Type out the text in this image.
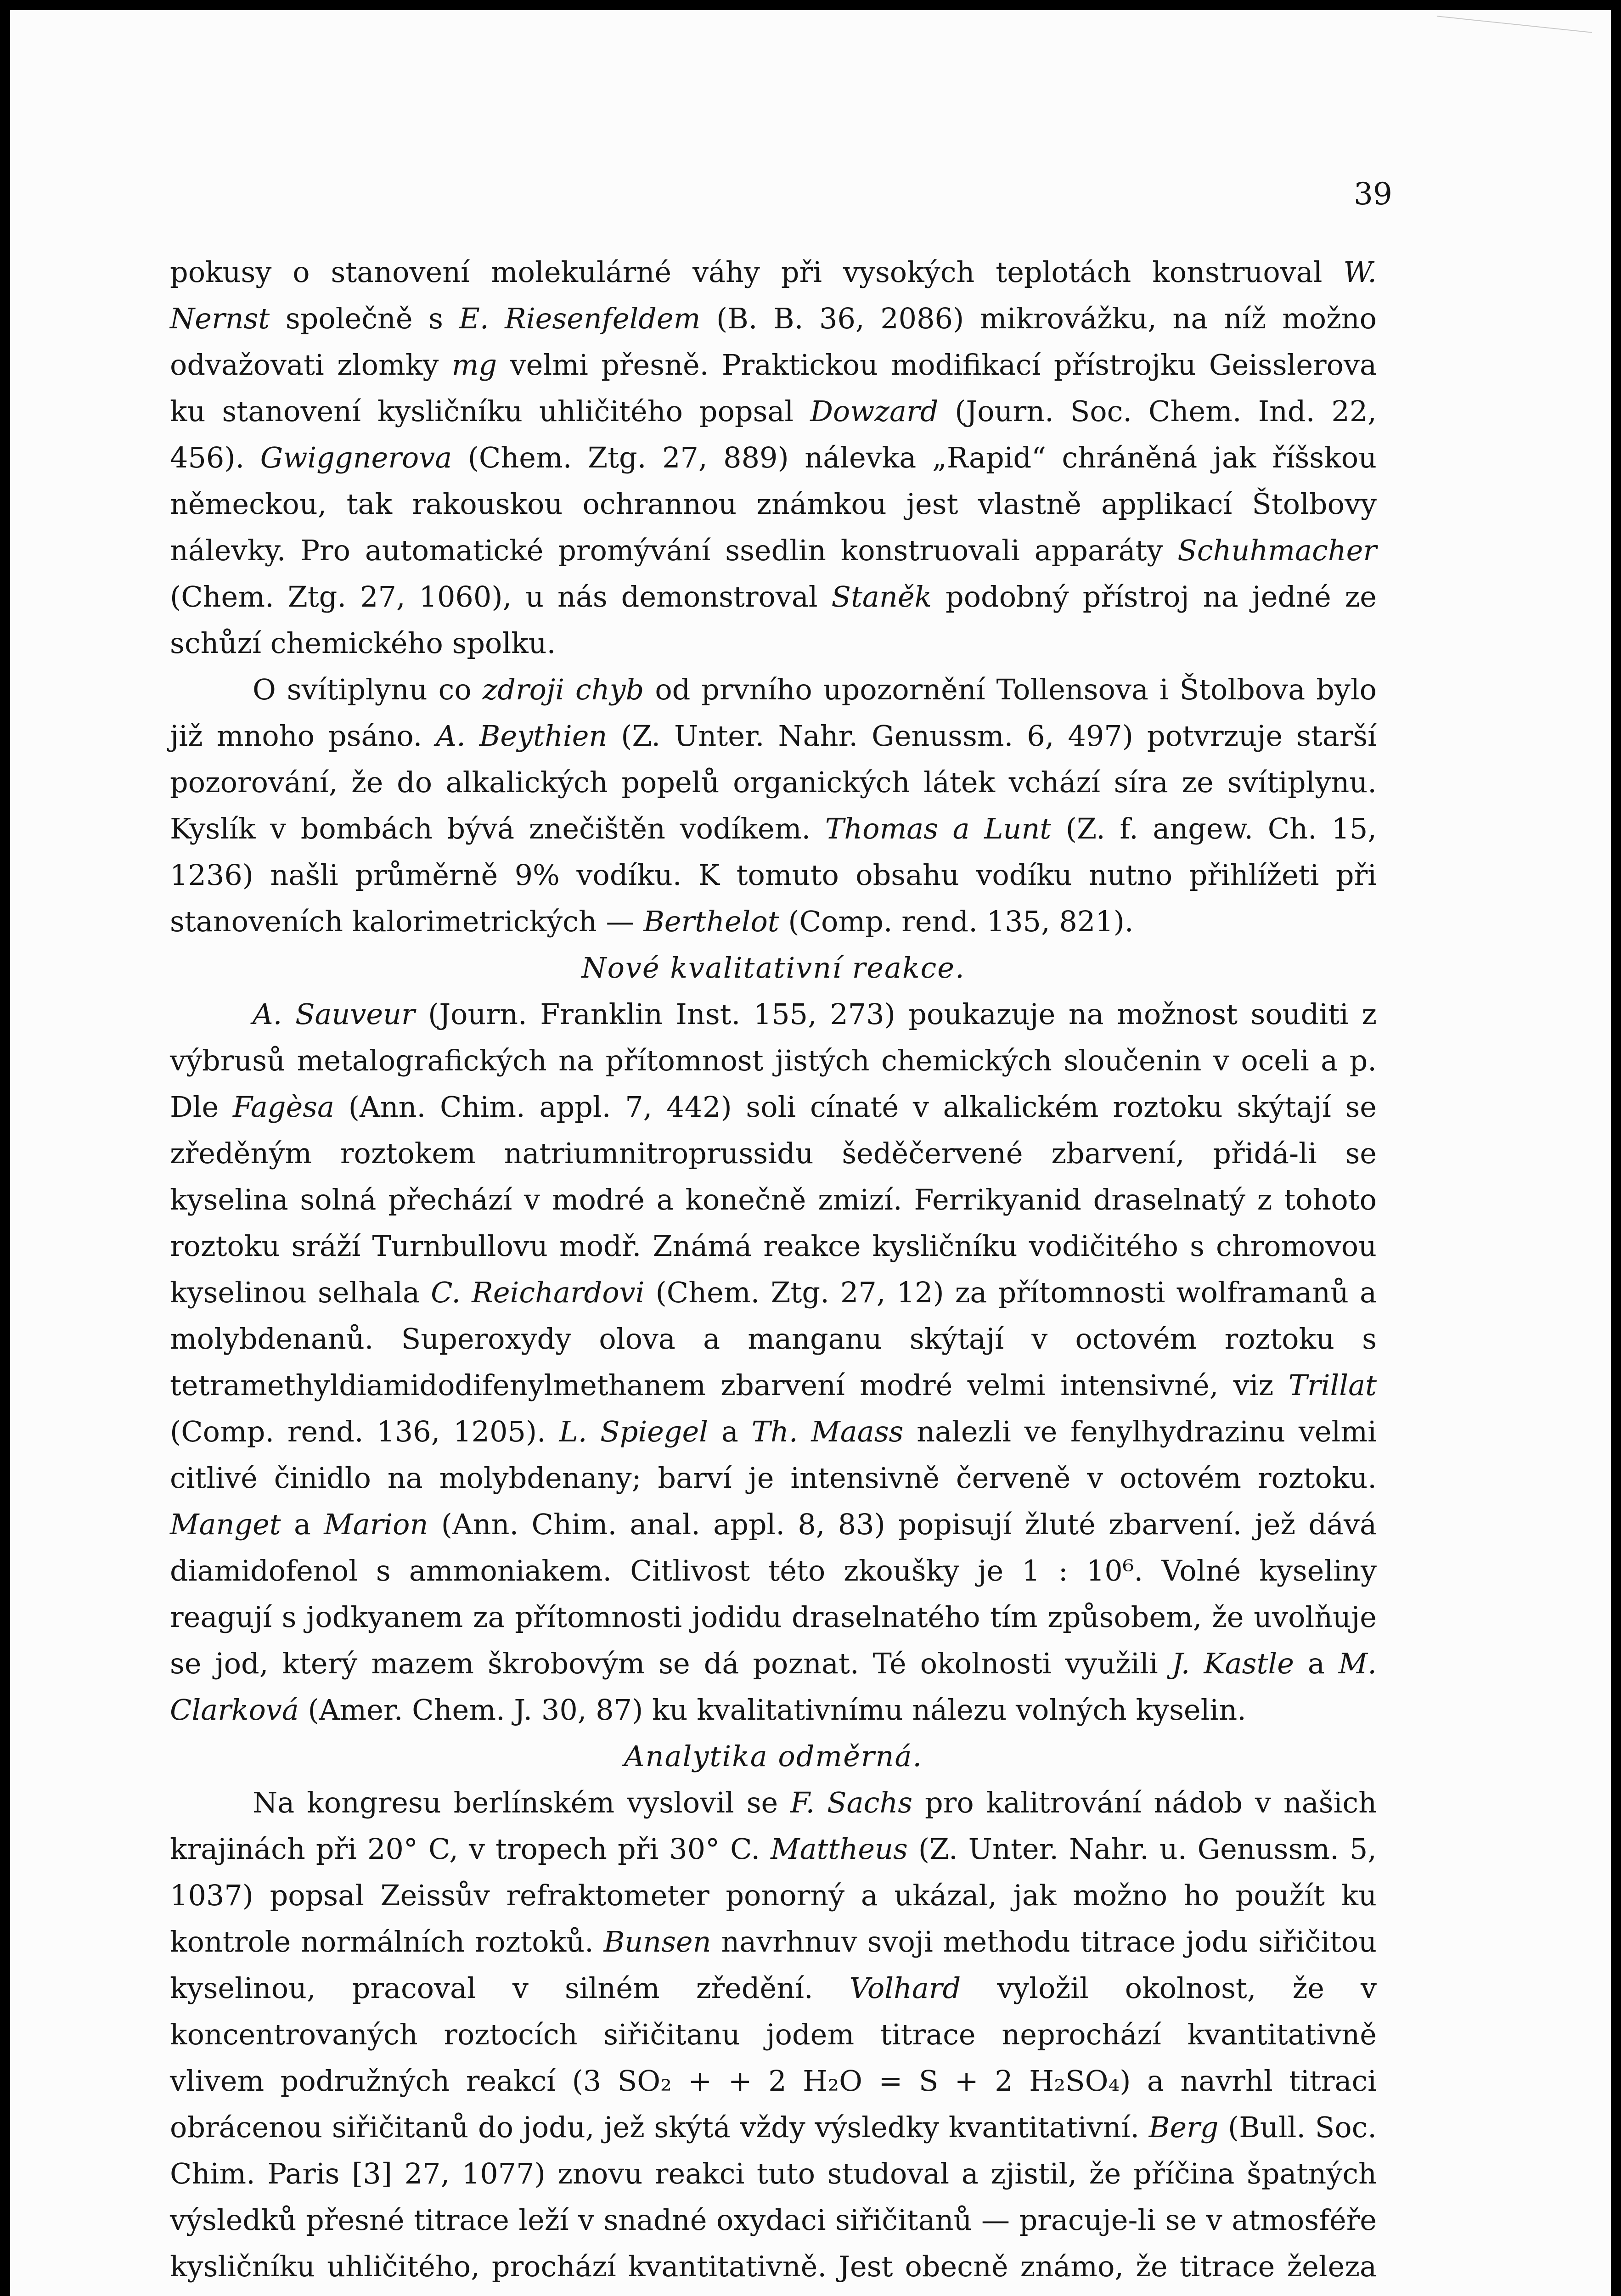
39

pokusy o stanovení molekulárné váhy při vysokých teplotách konstruoval W. Nernst společně s E. Riesenfeldem (B. B. 36, 2086) mikrovážku, na níž možno odvažovati zlomky mg velmi přesně. Praktickou modifikací přístrojku Geisslerova ku stanovení kysličníku uhličitého popsal Dowzard (Journ. Soc. Chem. Ind. 22, 456). Gwiggnerova (Chem. Ztg. 27, 889) nálevka „Rapid“ chráněná jak říšskou německou, tak rakouskou ochrannou známkou jest vlastně applikací Štolbovy nálevky. Pro automatické promývání ssedlin konstruovali apparáty Schuhmacher (Chem. Ztg. 27, 1060), u nás demonstroval Staněk podobný přístroj na jedné ze schůzí chemického spolku.

O svítiplynu co zdroji chyb od prvního upozornění Tollensova i Štolbova bylo již mnoho psáno. A. Beythien (Z. Unter. Nahr. Genussm. 6, 497) potvrzuje starší pozorování, že do alkalických popelů organických látek vchází síra ze svítiplynu. Kyslík v bombách bývá znečištěn vodíkem. Thomas a Lunt (Z. f. angew. Ch. 15, 1236) našli průměrně 9% vodíku. K tomuto obsahu vodíku nutno přihlížeti při stanoveních kalorimetrických — Berthelot (Comp. rend. 135, 821).

Nové kvalitativní reakce.

A. Sauveur (Journ. Franklin Inst. 155, 273) poukazuje na možnost souditi z výbrusů metalografických na přítomnost jistých chemických sloučenin v oceli a p. Dle Fagèsa (Ann. Chim. appl. 7, 442) soli cínaté v alkalickém roztoku skýtají se zředěným roztokem natriumnitroprussidu šeděčervené zbarvení, přidá-li se kyselina solná přechází v modré a konečně zmizí. Ferrikyanid draselnatý z tohoto roztoku sráží Turnbullovu modř. Známá reakce kysličníku vodičitého s chromovou kyselinou selhala C. Reichardovi (Chem. Ztg. 27, 12) za přítomnosti wolframanů a molybdenanů. Superoxydy olova a manganu skýtají v octovém roztoku s tetramethyldiamidodifenylmethanem zbarvení modré velmi intensivné, viz Trillat (Comp. rend. 136, 1205). L. Spiegel a Th. Maass nalezli ve fenylhydrazinu velmi citlivé činidlo na molybdenany; barví je intensivně červeně v octovém roztoku. Manget a Marion (Ann. Chim. anal. appl. 8, 83) popisují žluté zbarvení. jež dává diamidofenol s ammoniakem. Citlivost této zkoušky je 1 : 10⁶. Volné kyseliny reagují s jodkyanem za přítomnosti jodidu draselnatého tím způsobem, že uvolňuje se jod, který mazem škrobovým se dá poznat. Té okolnosti využili J. Kastle a M. Clarková (Amer. Chem. J. 30, 87) ku kvalitativnímu nálezu volných kyselin.

Analytika odměrná.

Na kongresu berlínském vyslovil se F. Sachs pro kalitrování nádob v našich krajinách při 20° C, v tropech při 30° C. Mattheus (Z. Unter. Nahr. u. Genussm. 5, 1037) popsal Zeissův refraktometer ponorný a ukázal, jak možno ho použít ku kontrole normálních roztoků. Bunsen navrhnuv svoji methodu titrace jodu siřičitou kyselinou, pracoval v silném zředění. Volhard vyložil okolnost, že v koncentrovaných roztocích siřičitanu jodem titrace neprochází kvantitativně vlivem podružných reakcí (3 SO₂ + + 2 H₂O = S + 2 H₂SO₄) a navrhl titraci obrácenou siřičitanů do jodu, jež skýtá vždy výsledky kvantitativní. Berg (Bull. Soc. Chim. Paris [3] 27, 1077) znovu reakci tuto studoval a zjistil, že příčina špatných výsledků přesné titrace leží v snadné oxydaci siřičitanů — pracuje-li se v atmosféře kysličníku uhličitého, prochází kvantitativně. Jest obecně známo, že titrace železa
